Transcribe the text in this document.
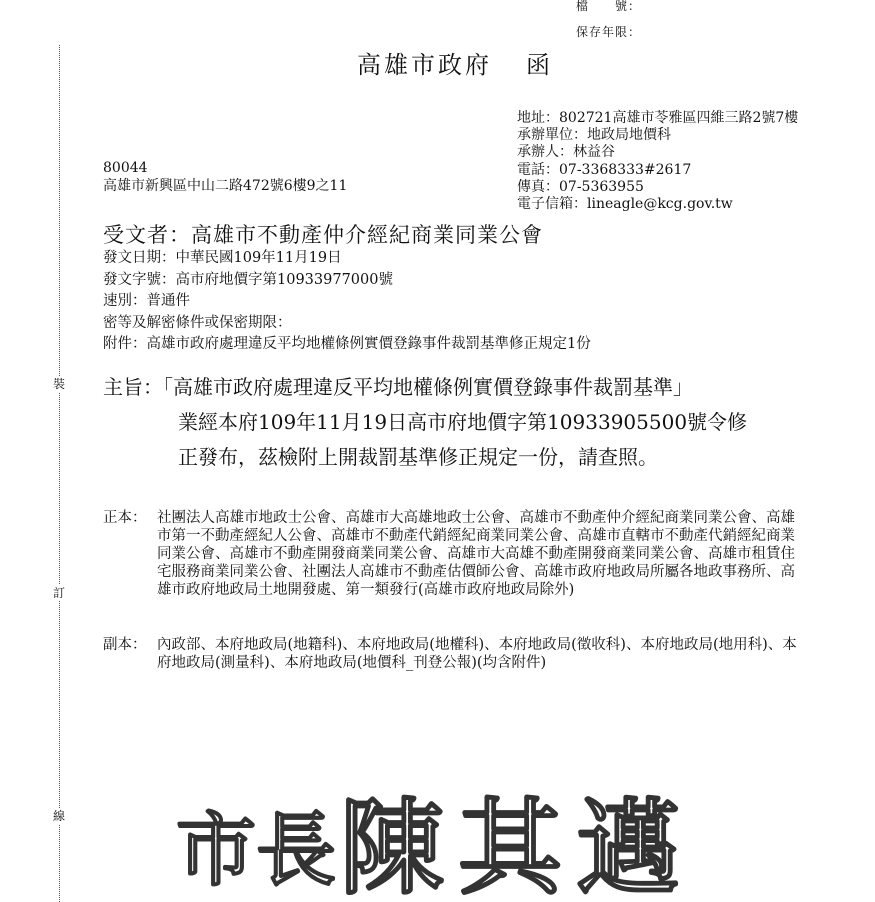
檔　　號：
保存年限：
高雄市政府 函
裝
訂
線
地址：802721高雄市苓雅區四維三路2號7樓
承辦單位：地政局地價科
承辦人：林益谷
電話：07-3368333#2617
傳真：07-5363955
電子信箱：lineagle@kcg.gov.tw
80044
高雄市新興區中山二路472號6樓9之11
受文者：高雄市不動產仲介經紀商業同業公會
發文日期：中華民國109年11月19日
發文字號：高市府地價字第10933977000號
速別：普通件
密等及解密條件或保密期限：
附件：高雄市政府處理違反平均地權條例實價登錄事件裁罰基準修正規定1份
主旨：「高雄市政府處理違反平均地權條例實價登錄事件裁罰基準」
業經本府109年11月19日高市府地價字第10933905500號令修
正發布，茲檢附上開裁罰基準修正規定一份，請查照。
正本： 社團法人高雄市地政士公會、高雄市大高雄地政士公會、高雄市不動產仲介經紀商業同業公會、高雄市第一不動產經紀人公會、高雄市不動產代銷經紀商業同業公會、高雄市直轄市不動產代銷經紀商業同業公會、高雄市不動產開發商業同業公會、高雄市大高雄不動產開發商業同業公會、高雄市租賃住宅服務商業同業公會、社團法人高雄市不動產估價師公會、高雄市政府地政局所屬各地政事務所、高雄市政府地政局土地開發處、第一類發行(高雄市政府地政局除外)
副本： 內政部、本府地政局(地籍科)、本府地政局(地權科)、本府地政局(徵收科)、本府地政局(地用科)、本府地政局(測量科)、本府地政局(地價科_刊登公報)(均含附件)
市長 陳其邁
